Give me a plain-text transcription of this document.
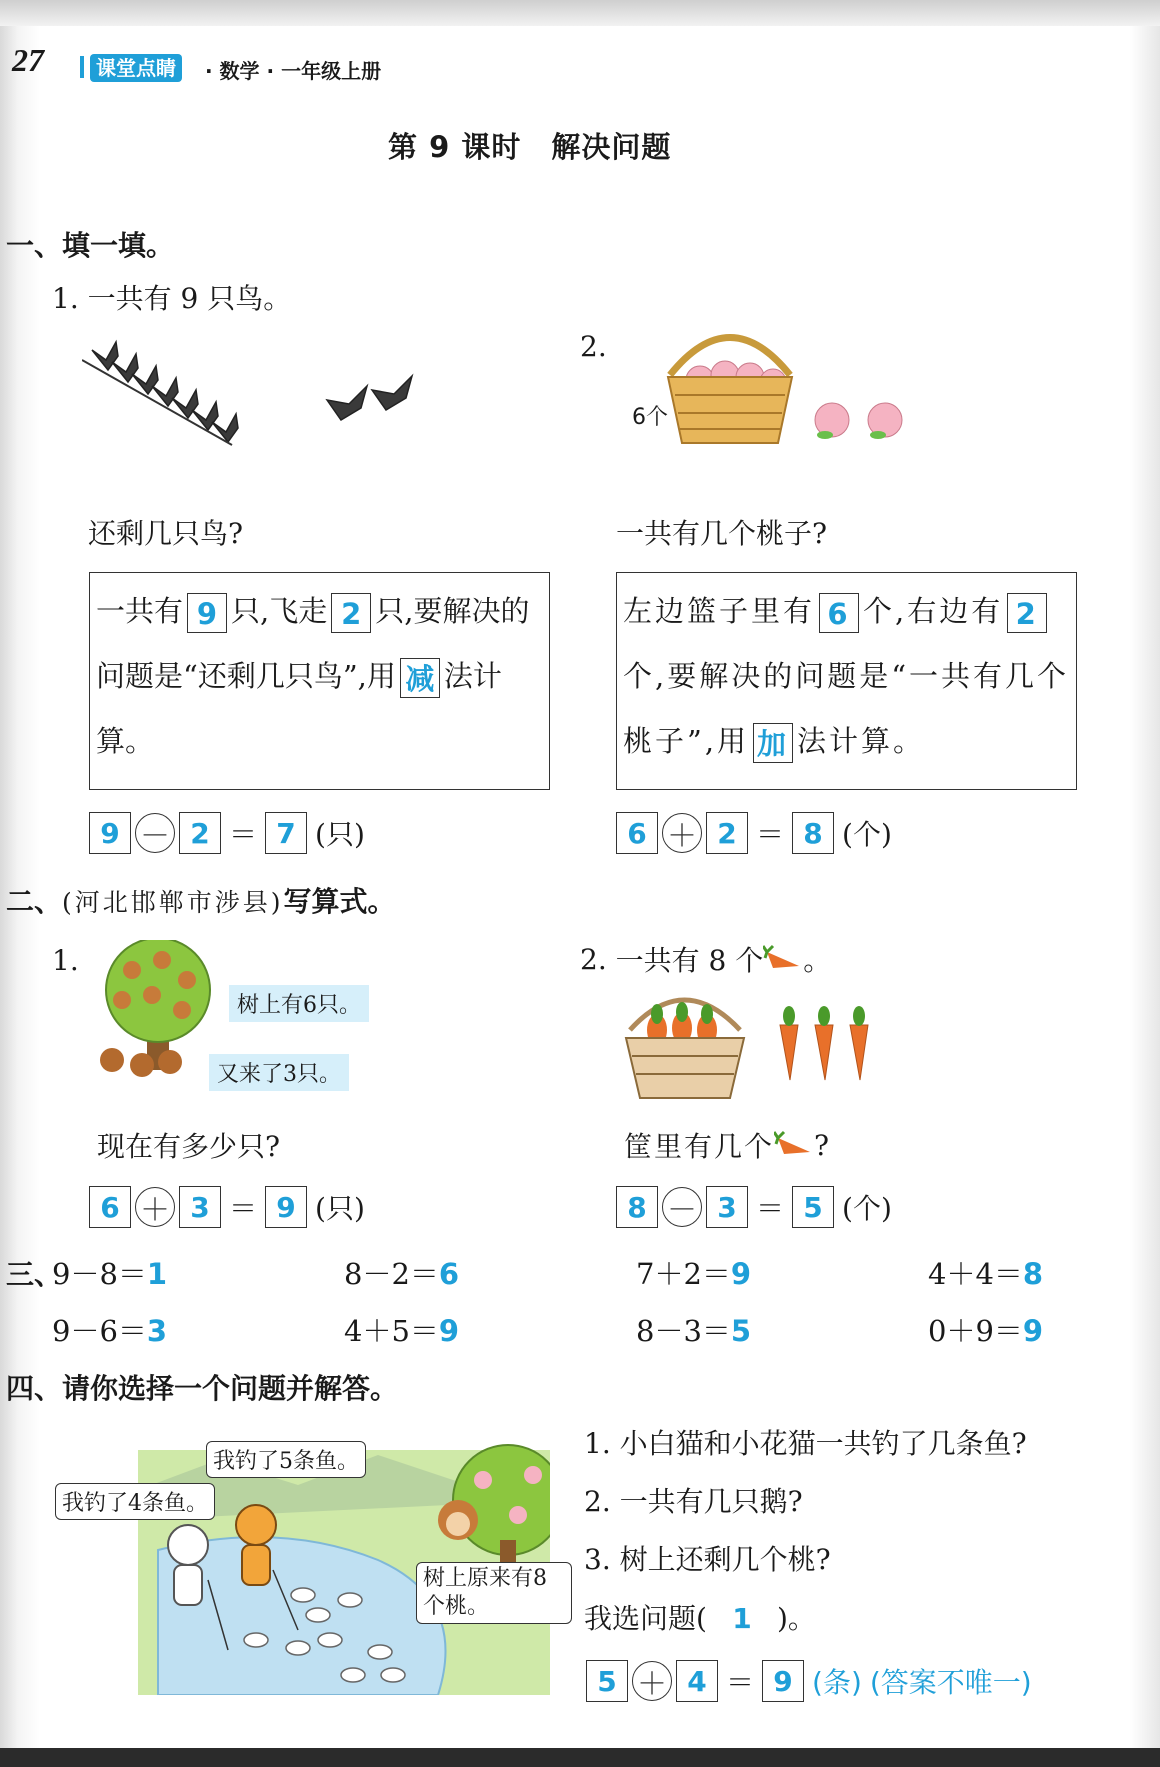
27	课堂点睛	· 数学 · 一年级上册
第 9 课时　解决问题
一、填一填。
1. 一共有 9 只鸟。
还剩几只鸟?
一共有 9 只,飞走 2 只,要解决的问题是“还剩几只鸟”,用 减 法计算。
9 － 2 ＝ 7 (只)
2.
6个
一共有几个桃子?
左边篮子里有 6 个,右边有 2个,要解决的问题是“一共有几个桃子”,用 加 法计算。
6 ＋ 2 ＝ 8 (个)
二、(河北邯郸市涉县)写算式。
1.
树上有6只。
又来了3只。
现在有多少只?
6 ＋ 3 ＝ 9 (只)
2.
一共有 8 个 。
筐里有几个 ?
8 － 3 ＝ 5 (个)
三、
9－8＝1	8－2＝6	7＋2＝9	4＋4＝8
9－6＝3	4＋5＝9	8－3＝5	0＋9＝9
四、请你选择一个问题并解答。
我钓了5条鱼。
我钓了4条鱼。
树上原来有8个桃。
1. 小白猫和小花猫一共钓了几条鱼?
2. 一共有几只鹅?
3. 树上还剩几个桃?
我选问题( 1 )。
5 ＋ 4 ＝ 9 (条) (答案不唯一)
